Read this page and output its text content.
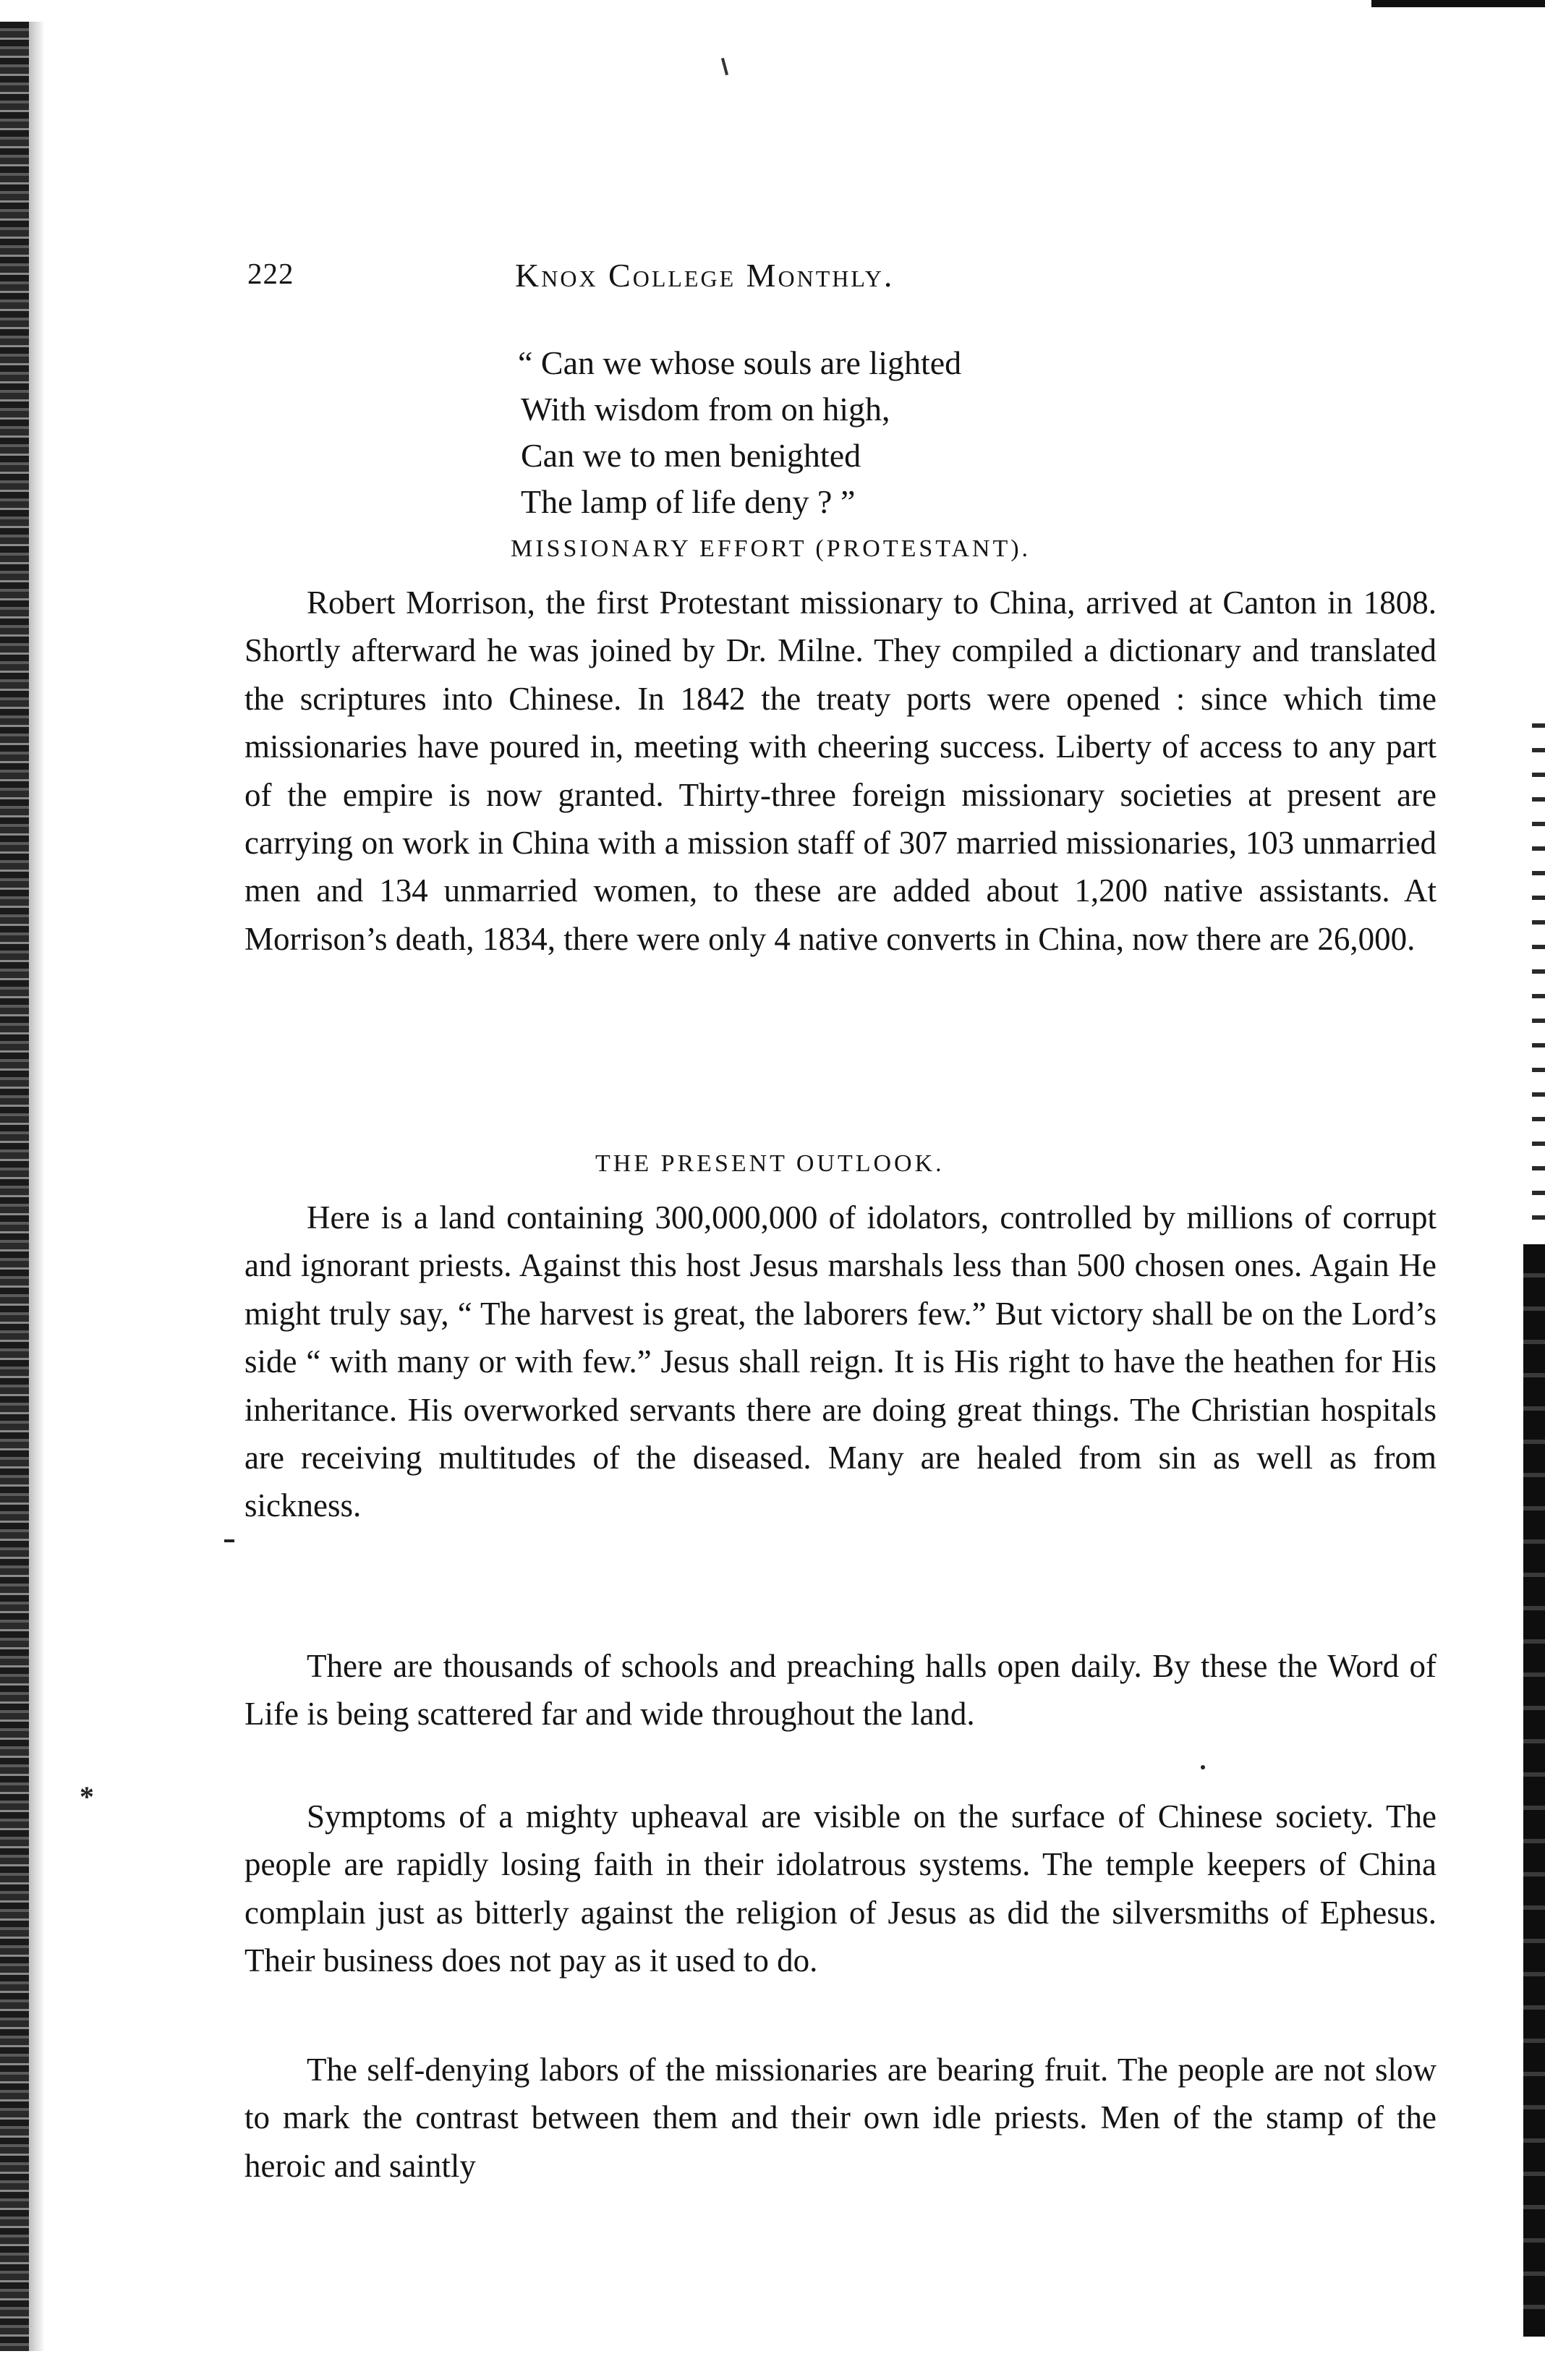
222	Knox College Monthly.
“ Can we whose souls are lighted
With wisdom from on high,
Can we to men benighted
The lamp of life deny ? ”
MISSIONARY EFFORT (PROTESTANT).

Robert Morrison, the first Protestant missionary to China, arrived at Canton in 1808. Shortly afterward he was joined by Dr. Milne. They compiled a dictionary and translated the scriptures into Chinese. In 1842 the treaty ports were opened : since which time missionaries have poured in, meeting with cheering success. Liberty of access to any part of the empire is now granted. Thirty-three foreign missionary societies at present are carrying on work in China with a mission staff of 307 married missionaries, 103 unmarried men and 134 unmarried women, to these are added about 1,200 native assistants. At Morrison’s death, 1834, there were only 4 native converts in China, now there are 26,000.

THE PRESENT OUTLOOK.

Here is a land containing 300,000,000 of idolators, controlled by millions of corrupt and ignorant priests. Against this host Jesus marshals less than 500 chosen ones. Again He might truly say, “ The harvest is great, the laborers few.” But victory shall be on the Lord’s side “ with many or with few.” Jesus shall reign. It is His right to have the heathen for His inheritance. His overworked servants there are doing great things. The Christian hospitals are receiving multitudes of the diseased. Many are healed from sin as well as from sickness.

There are thousands of schools and preaching halls open daily. By these the Word of Life is being scattered far and wide throughout the land.

Symptoms of a mighty upheaval are visible on the surface of Chinese society. The people are rapidly losing faith in their idolatrous systems. The temple keepers of China complain just as bitterly against the religion of Jesus as did the silversmiths of Ephesus. Their business does not pay as it used to do.

The self-denying labors of the missionaries are bearing fruit. The people are not slow to mark the contrast between them and their own idle priests. Men of the stamp of the heroic and saintly

*
